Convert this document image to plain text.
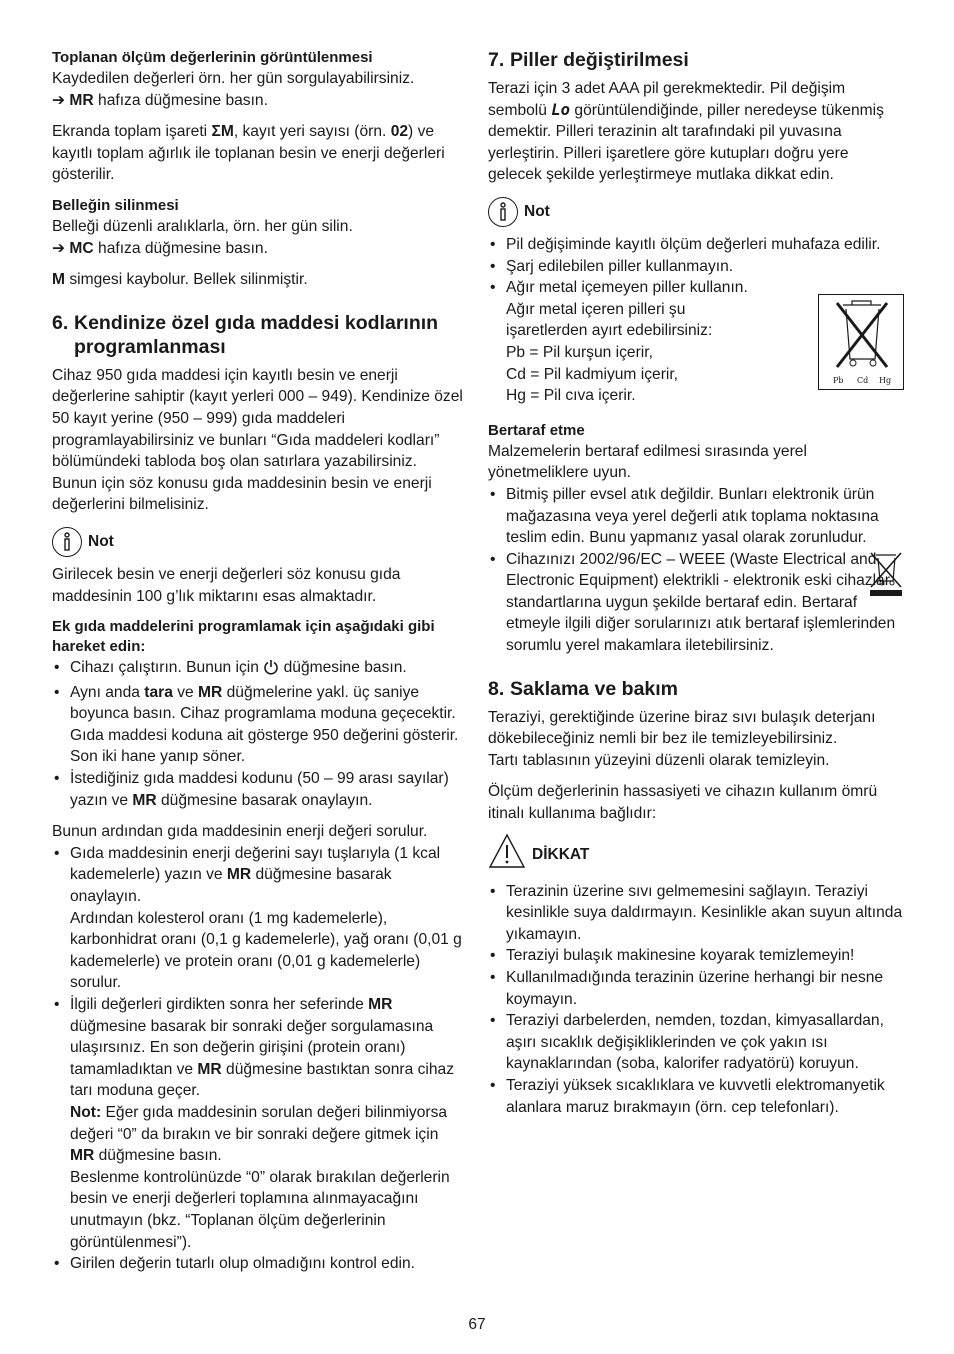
Toplanan ölçüm değerlerinin görüntülenmesi

Kaydedilen değerleri örn. her gün sorgulayabilirsiniz.

➔ MR hafıza düğmesine basın.

Ekranda toplam işareti ΣM, kayıt yeri sayısı (örn. 02) ve kayıtlı toplam ağırlık ile toplanan besin ve enerji değerleri gösterilir.

Belleğin silinmesi

Belleği düzenli aralıklarla, örn. her gün silin.

➔ MC hafıza düğmesine basın.

M simgesi kaybolur. Bellek silinmiştir.

6. Kendinize özel gıda maddesi kodlarının
programlanması

Cihaz 950 gıda maddesi için kayıtlı besin ve enerji değerlerine sahiptir (kayıt yerleri 000 – 949). Kendinize özel 50 kayıt yerine (950 – 999) gıda maddeleri programlayabilirsiniz ve bunları “Gıda maddeleri kodları” bölümündeki tabloda boş olan satırlara yazabilirsiniz. Bunun için söz konusu gıda maddesinin besin ve enerji değerlerini bilmelisiniz.

Not

Girilecek besin ve enerji değerleri söz konusu gıda maddesinin 100 g’lık miktarını esas almaktadır.

Ek gıda maddelerini programlamak için aşağıdaki gibi hareket edin:

• Cihazı çalıştırın. Bunun için  düğmesine basın.
• Aynı anda tara ve MR düğmelerine yakl. üç saniye boyunca basın. Cihaz programlama moduna geçecektir. Gıda maddesi koduna ait gösterge 950 değerini gösterir. Son iki hane yanıp söner.
• İstediğiniz gıda maddesi kodunu (50 – 99 arası sayılar) yazın ve MR düğmesine basarak onaylayın.

Bunun ardından gıda maddesinin enerji değeri sorulur.

• Gıda maddesinin enerji değerini sayı tuşlarıyla (1 kcal kademelerle) yazın ve MR düğmesine basarak onaylayın.
Ardından kolesterol oranı (1 mg kademelerle), karbonhidrat oranı (0,1 g kademelerle), yağ oranı (0,01 g kademelerle) ve protein oranı (0,01 g kademelerle) sorulur.
• İlgili değerleri girdikten sonra her seferinde MR düğmesine basarak bir sonraki değer sorgulamasına ulaşırsınız. En son değerin girişini (protein oranı) tamamladıktan ve MR düğmesine bastıktan sonra cihaz tarı moduna geçer.
Not: Eğer gıda maddesinin sorulan değeri bilinmiyorsa değeri “0” da bırakın ve bir sonraki değere gitmek için MR düğmesine basın.
Beslenme kontrolünüzde “0” olarak bırakılan değerlerin besin ve enerji değerleri toplamına alınmayacağını unutmayın (bkz. “Toplanan ölçüm değerlerinin görüntülenmesi”).
• Girilen değerin tutarlı olup olmadığını kontrol edin.
7. Piller değiştirilmesi

Terazi için 3 adet AAA pil gerekmektedir. Pil değişim sembolü Lo görüntülendiğinde, piller neredeyse tükenmiş demektir. Pilleri terazinin alt tarafındaki pil yuvasına yerleştirin. Pilleri işaretlere göre kutupları doğru yere gelecek şekilde yerleştirmeye mutlaka dikkat edin.

Not
• Pil değişiminde kayıtlı ölçüm değerleri muhafaza edilir.
• Şarj edilebilen piller kullanmayın.
• Ağır metal içemeyen piller kullanın. Ağır metal içeren pilleri şu işaretlerden ayırt edebilirsiniz:
Pb = Pil kurşun içerir,
Cd = Pil kadmiyum içerir,
Hg = Pil cıva içerir.
Pb Cd Hg

Bertaraf etme

Malzemelerin bertaraf edilmesi sırasında yerel yönetmeliklere uyun.

• Bitmiş piller evsel atık değildir. Bunları elektronik ürün mağazasına veya yerel değerli atık toplama noktasına teslim edin. Bunu yapmanız yasal olarak zorunludur.
• Cihazınızı 2002/96/EC – WEEE (Waste Electrical and Electronic Equipment) elektrikli - elektronik eski cihazlar standartlarına uygun şekilde bertaraf edin. Bertaraf etmeyle ilgili diğer sorularınızı atık bertaraf işlemlerinden sorumlu yerel makamlara iletebilirsiniz.
8. Saklama ve bakım

Teraziyi, gerektiğinde üzerine biraz sıvı bulaşık deterjanı dökebileceğiniz nemli bir bez ile temizleyebilirsiniz.

Tartı tablasının yüzeyini düzenli olarak temizleyin.

Ölçüm değerlerinin hassasiyeti ve cihazın kullanım ömrü itinalı kullanıma bağlıdır:

DİKKAT
• Terazinin üzerine sıvı gelmemesini sağlayın. Teraziyi kesinlikle suya daldırmayın. Kesinlikle akan suyun altında yıkamayın.
• Teraziyi bulaşık makinesine koyarak temizlemeyin!
• Kullanılmadığında terazinin üzerine herhangi bir nesne koymayın.
• Teraziyi darbelerden, nemden, tozdan, kimyasallardan, aşırı sıcaklık değişikliklerinden ve çok yakın ısı kaynaklarından (soba, kalorifer radyatörü) koruyun.
• Teraziyi yüksek sıcaklıklara ve kuvvetli elektromanyetik alanlara maruz bırakmayın (örn. cep telefonları).
67
